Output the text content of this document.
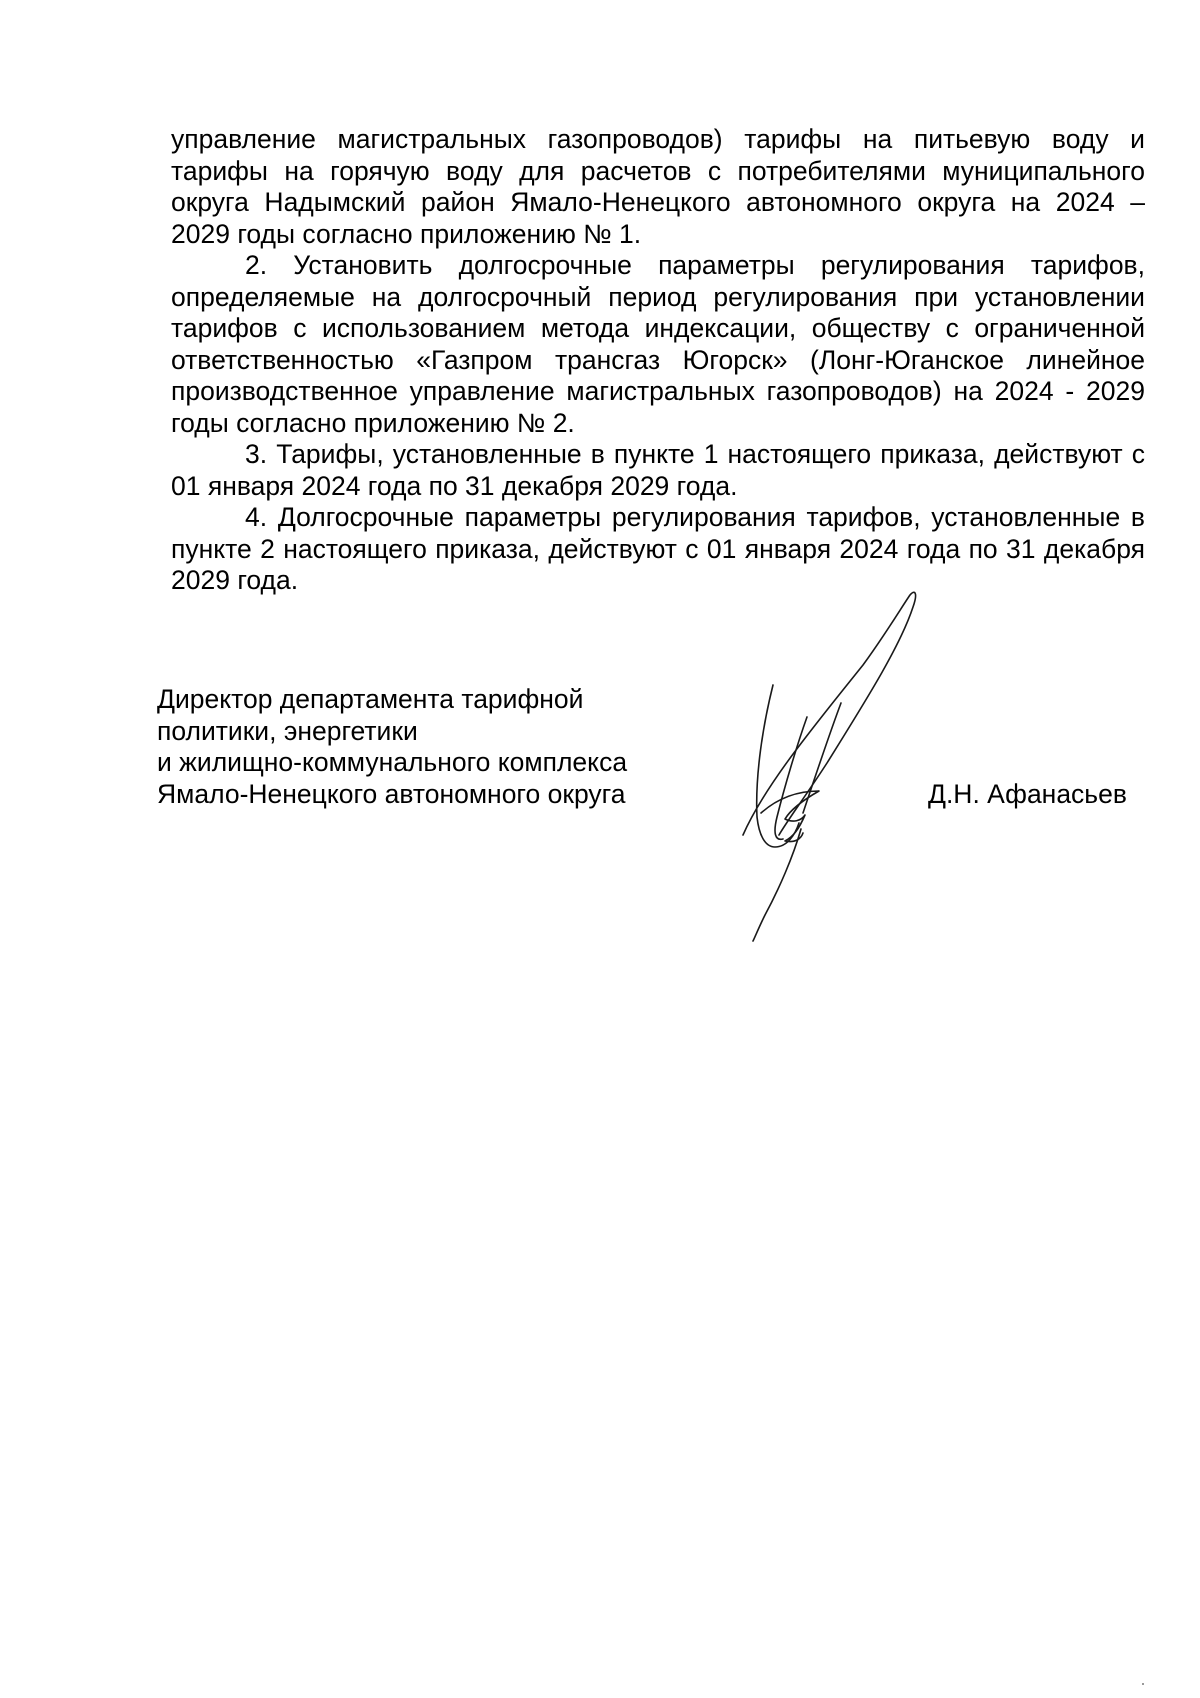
управление магистральных газопроводов) тарифы на питьевую воду и тарифы на горячую воду для расчетов с потребителями муниципального округа Надымский район Ямало-Ненецкого автономного округа на 2024 – 2029 годы согласно приложению № 1.

2. Установить долгосрочные параметры регулирования тарифов, определяемые на долгосрочный период регулирования при установлении тарифов с использованием метода индексации, обществу с ограниченной ответственностью «Газпром трансгаз Югорск» (Лонг-Юганское линейное производственное управление магистральных газопроводов) на 2024 - 2029 годы согласно приложению № 2.

3. Тарифы, установленные в пункте 1 настоящего приказа, действуют с 01 января 2024 года по 31 декабря 2029 года.

4. Долгосрочные параметры регулирования тарифов, установленные в пункте 2 настоящего приказа, действуют с 01 января 2024 года по 31 декабря 2029 года.

Директор департамента тарифной
политики, энергетики
и жилищно-коммунального комплекса
Ямало-Ненецкого автономного округа	Д.Н. Афанасьев
